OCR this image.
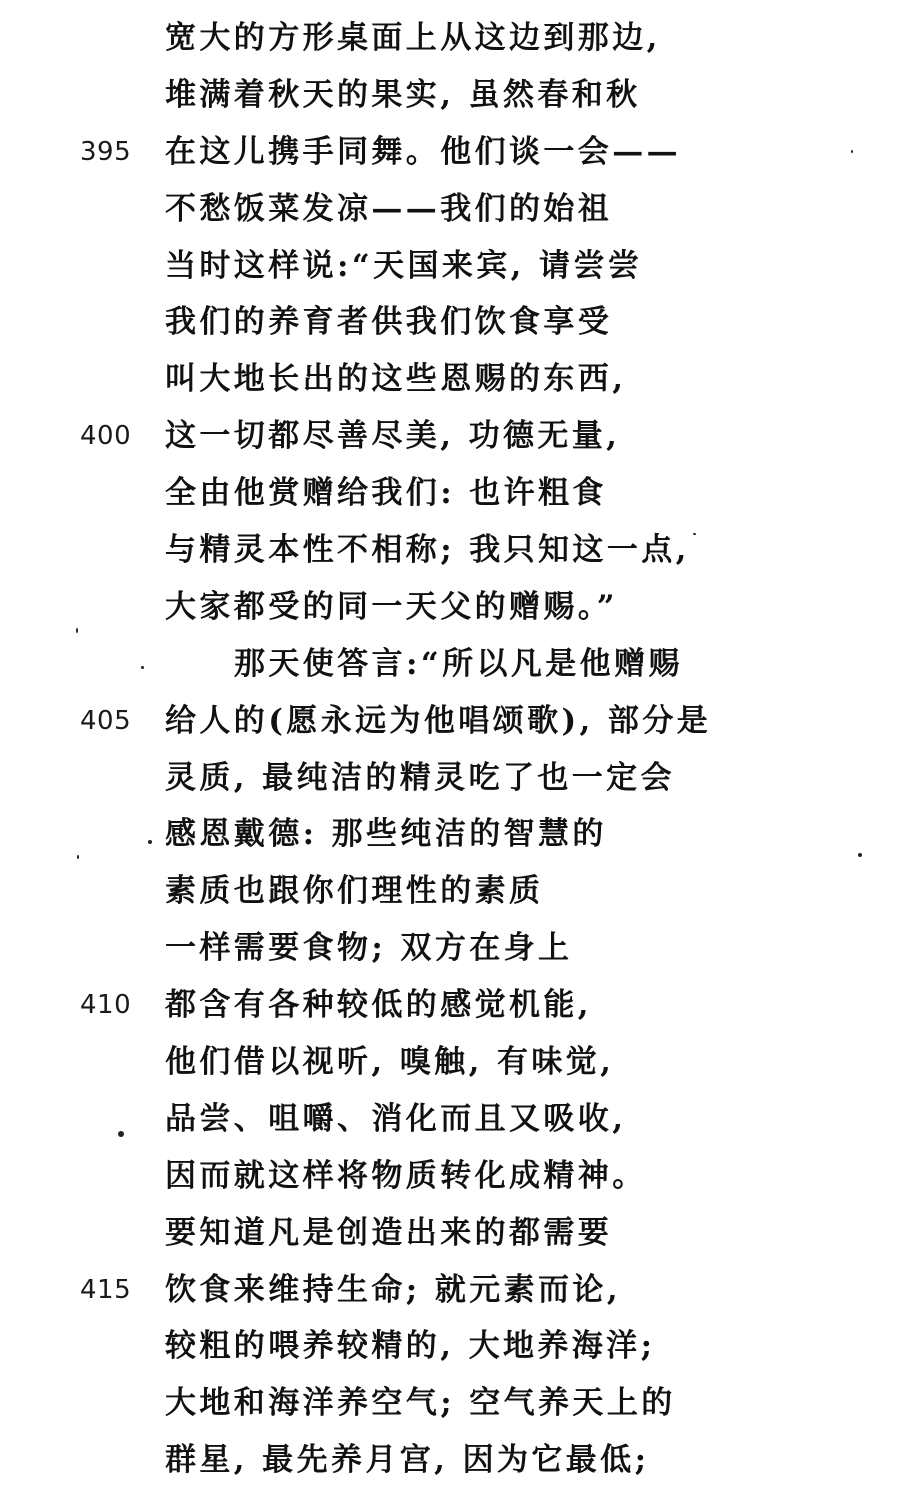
宽大的方形桌面上从这边到那边,
堆满着秋天的果实, 虽然春和秋
395 在这儿携手同舞。他们谈一会——
不愁饭菜发凉——我们的始祖
当时这样说:“天国来宾, 请尝尝
我们的养育者供我们饮食享受
叫大地长出的这些恩赐的东西,
400 这一切都尽善尽美, 功德无量,
全由他赏赠给我们: 也许粗食
与精灵本性不相称; 我只知这一点,
大家都受的同一天父的赠赐。”
那天使答言:“所以凡是他赠赐
405 给人的(愿永远为他唱颂歌), 部分是
灵质, 最纯洁的精灵吃了也一定会
感恩戴德: 那些纯洁的智慧的
素质也跟你们理性的素质
一样需要食物; 双方在身上
410 都含有各种较低的感觉机能,
他们借以视听, 嗅触, 有味觉,
品尝、咀嚼、消化而且又吸收,
因而就这样将物质转化成精神。
要知道凡是创造出来的都需要
415 饮食来维持生命; 就元素而论,
较粗的喂养较精的, 大地养海洋;
大地和海洋养空气; 空气养天上的
群星, 最先养月宫, 因为它最低;
